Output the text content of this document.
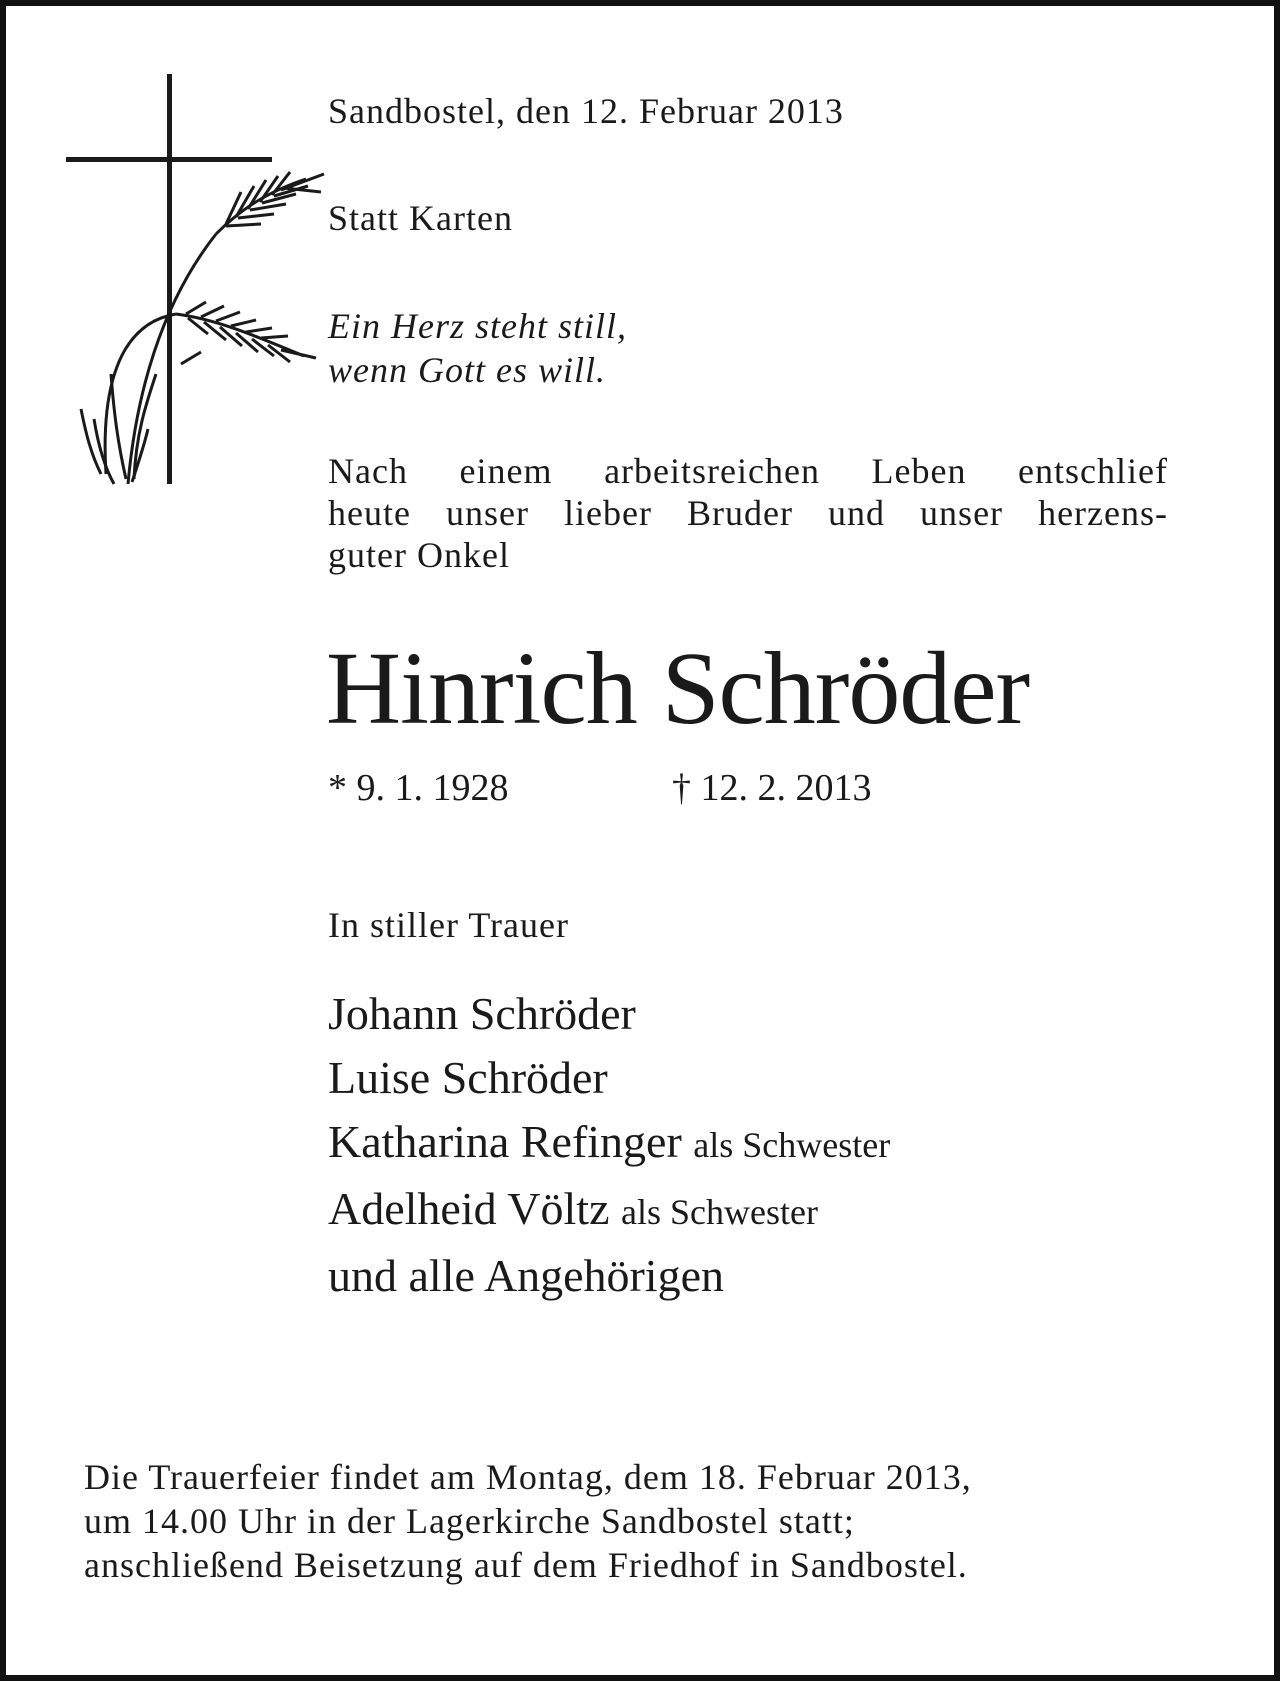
Sandbostel, den 12. Februar 2013
Statt Karten
Ein Herz steht still,
wenn Gott es will.
Nach einem arbeitsreichen Leben entschlief
heute unser lieber Bruder und unser herzens-
guter Onkel
Hinrich Schröder
* 9. 1. 1928	† 12. 2. 2013
In stiller Trauer
Johann Schröder
Luise Schröder
Katharina Refinger als Schwester
Adelheid Völtz als Schwester
und alle Angehörigen
Die Trauerfeier findet am Montag, dem 18. Februar 2013,
um 14.00 Uhr in der Lagerkirche Sandbostel statt;
anschließend Beisetzung auf dem Friedhof in Sandbostel.
